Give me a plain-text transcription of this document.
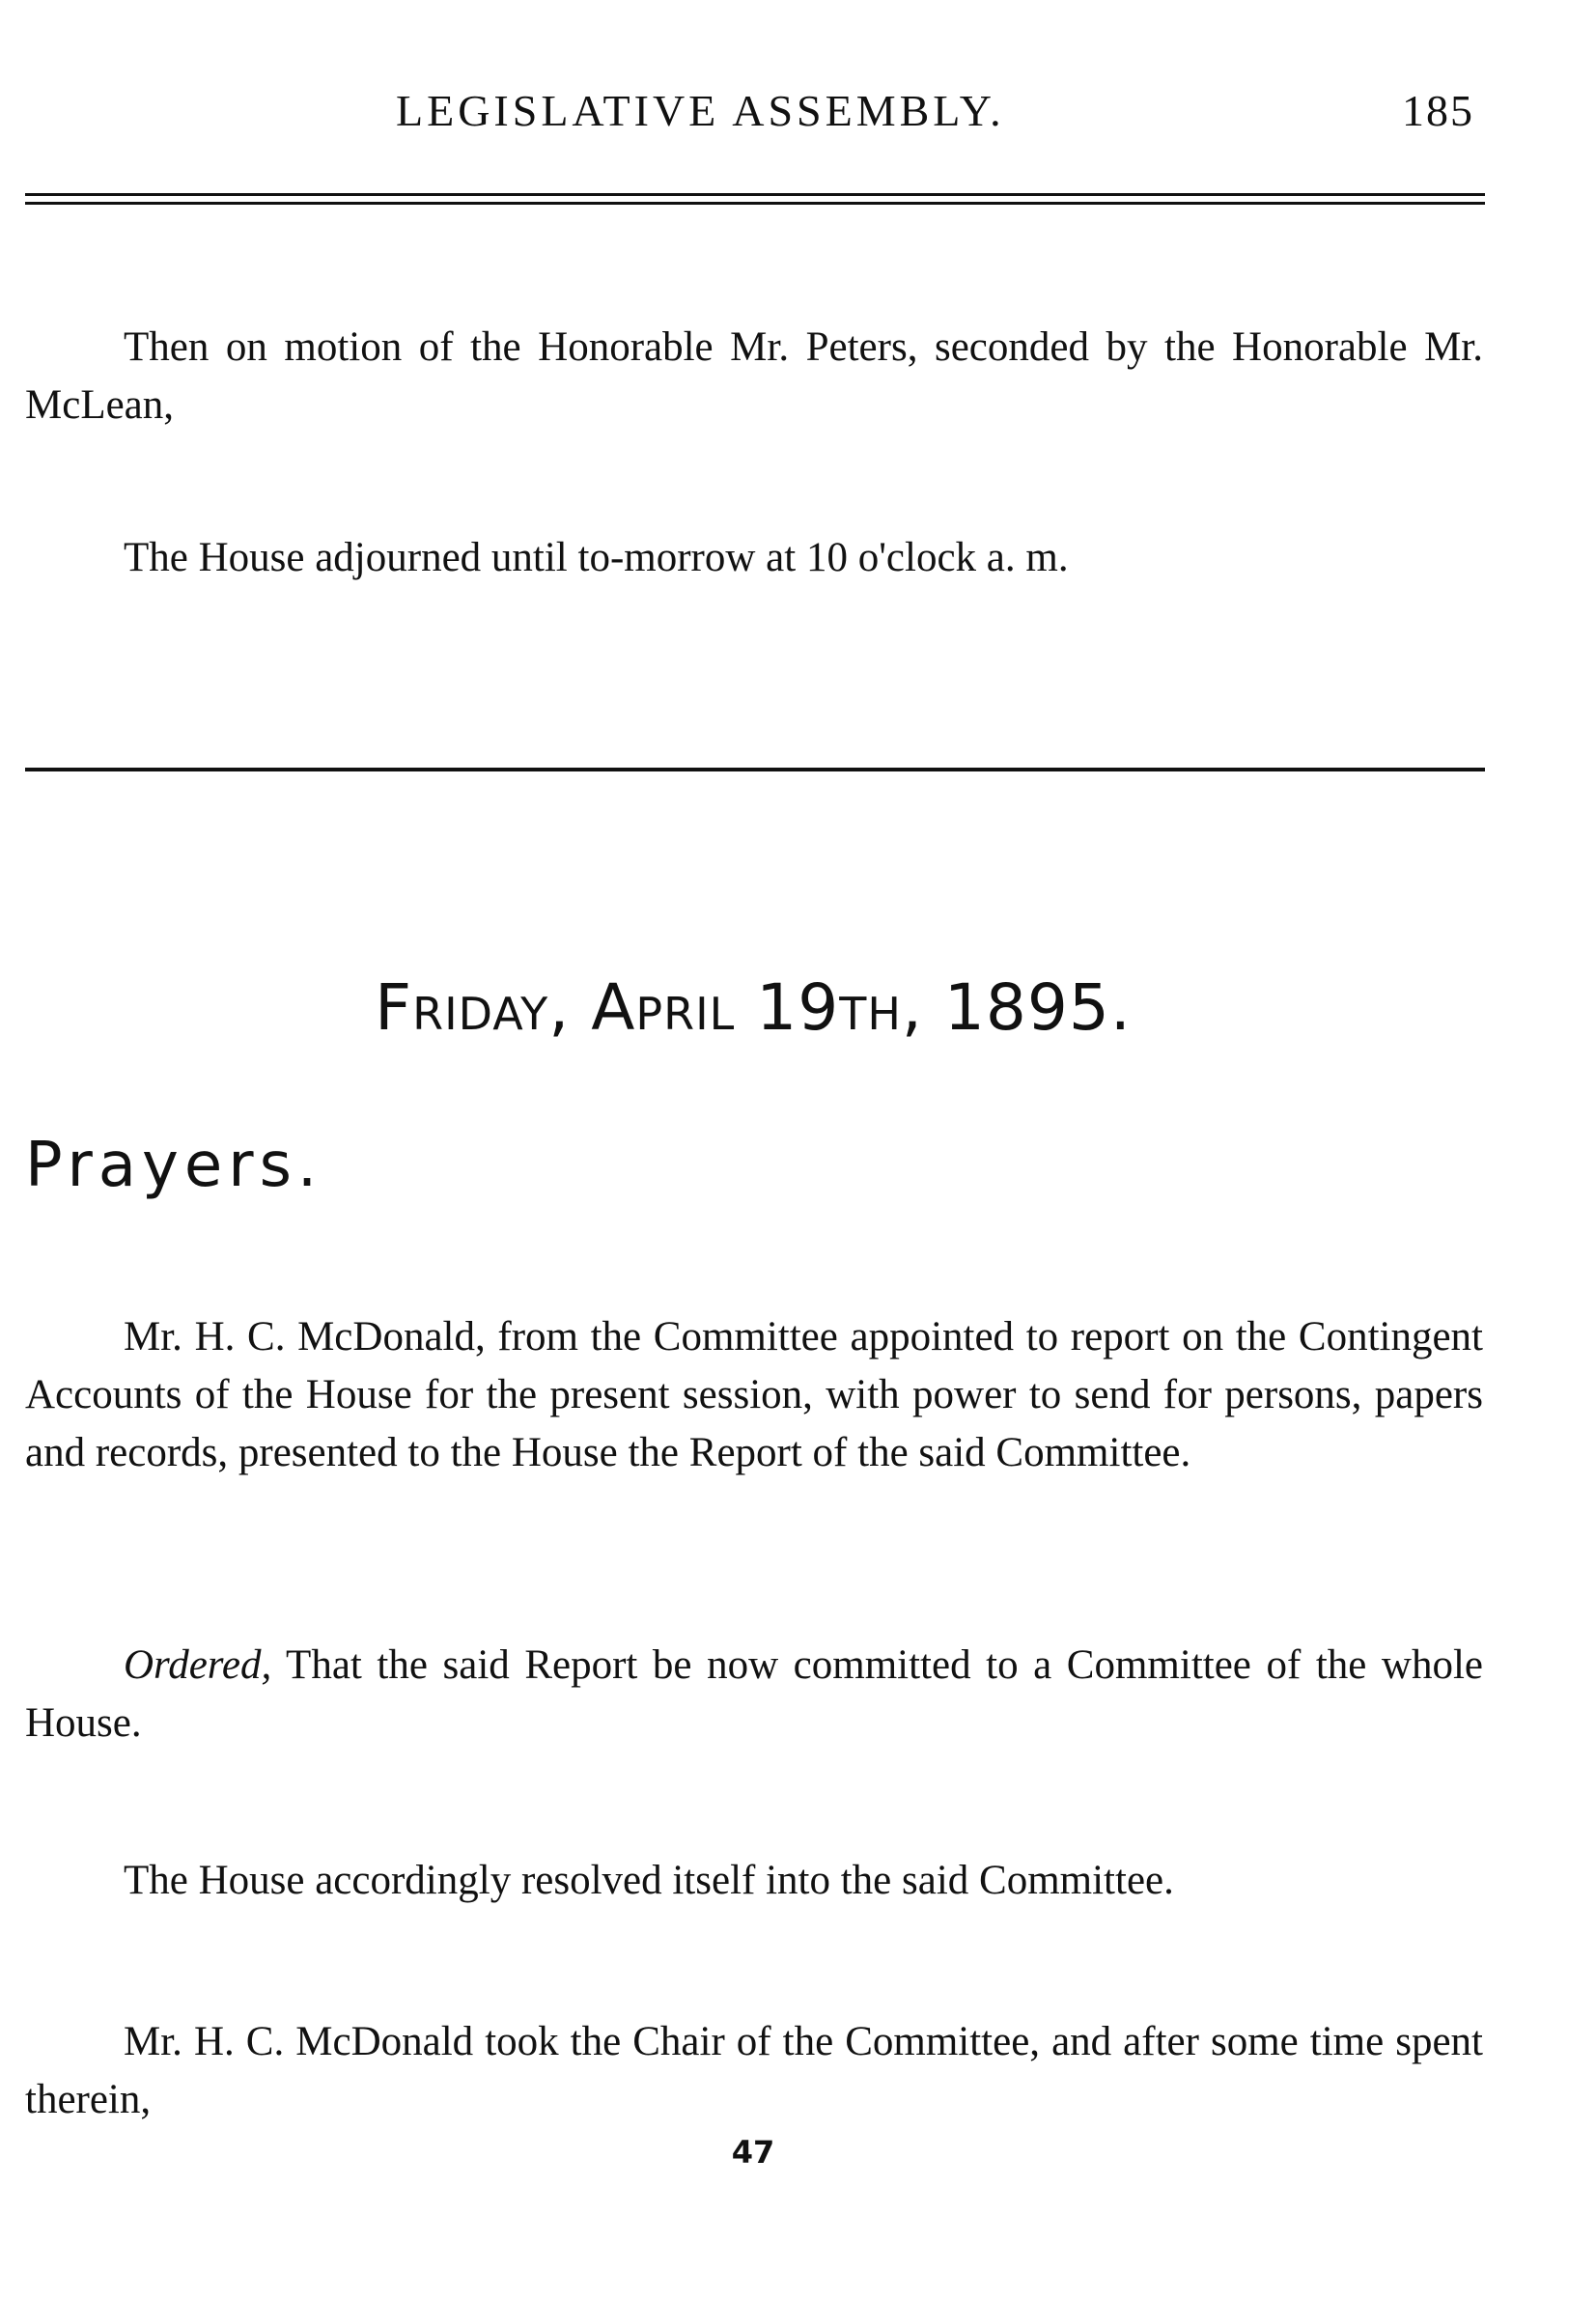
LEGISLATIVE ASSEMBLY.	185

Then on motion of the Honorable Mr. Peters, seconded by the Honorable Mr. McLean,

The House adjourned until to-morrow at 10 o'clock a. m.

Friday, April 19th, 1895.
Prayers.

Mr. H. C. McDonald, from the Committee appointed to report on the Contingent Accounts of the House for the present session, with power to send for persons, papers and records, presented to the House the Report of the said Committee.

Ordered, That the said Report be now committed to a Committee of the whole House.

The House accordingly resolved itself into the said Committee.

Mr. H. C. McDonald took the Chair of the Committee, and after some time spent therein,

47
